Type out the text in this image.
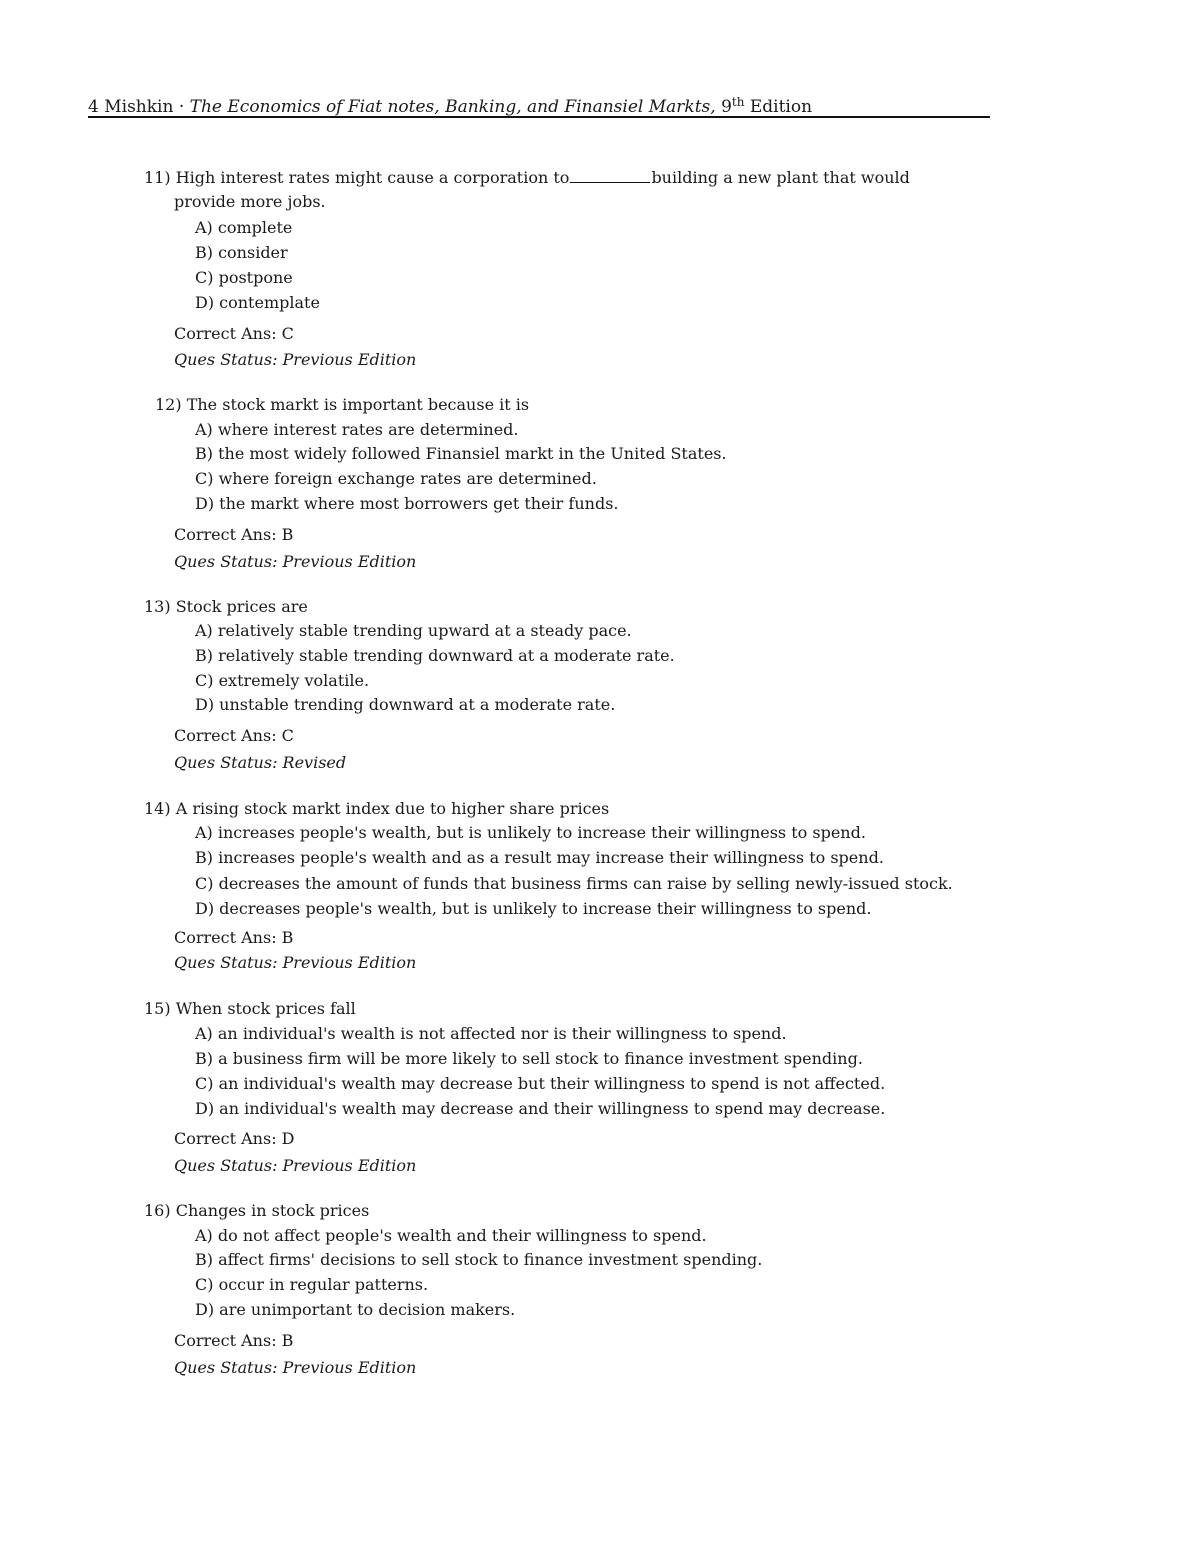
4 Mishkin · The Economics of Fiat notes, Banking, and Finansiel Markts, 9th Edition
11) High interest rates might cause a corporation to	building a new plant that would
provide more jobs.
A) complete
B) consider
C) postpone
D) contemplate
Correct Ans: C
Ques Status: Previous Edition
12) The stock markt is important because it is
A) where interest rates are determined.
B) the most widely followed Finansiel markt in the United States.
C) where foreign exchange rates are determined.
D) the markt where most borrowers get their funds.
Correct Ans: B
Ques Status: Previous Edition
13) Stock prices are
A) relatively stable trending upward at a steady pace.
B) relatively stable trending downward at a moderate rate.
C) extremely volatile.
D) unstable trending downward at a moderate rate.
Correct Ans: C
Ques Status: Revised
14) A rising stock markt index due to higher share prices
A) increases people's wealth, but is unlikely to increase their willingness to spend.
B) increases people's wealth and as a result may increase their willingness to spend.
C) decreases the amount of funds that business firms can raise by selling newly-issued stock.
D) decreases people's wealth, but is unlikely to increase their willingness to spend.
Correct Ans: B
Ques Status: Previous Edition
15) When stock prices fall
A) an individual's wealth is not affected nor is their willingness to spend.
B) a business firm will be more likely to sell stock to finance investment spending.
C) an individual's wealth may decrease but their willingness to spend is not affected.
D) an individual's wealth may decrease and their willingness to spend may decrease.
Correct Ans: D
Ques Status: Previous Edition
16) Changes in stock prices
A) do not affect people's wealth and their willingness to spend.
B) affect firms' decisions to sell stock to finance investment spending.
C) occur in regular patterns.
D) are unimportant to decision makers.
Correct Ans: B
Ques Status: Previous Edition
